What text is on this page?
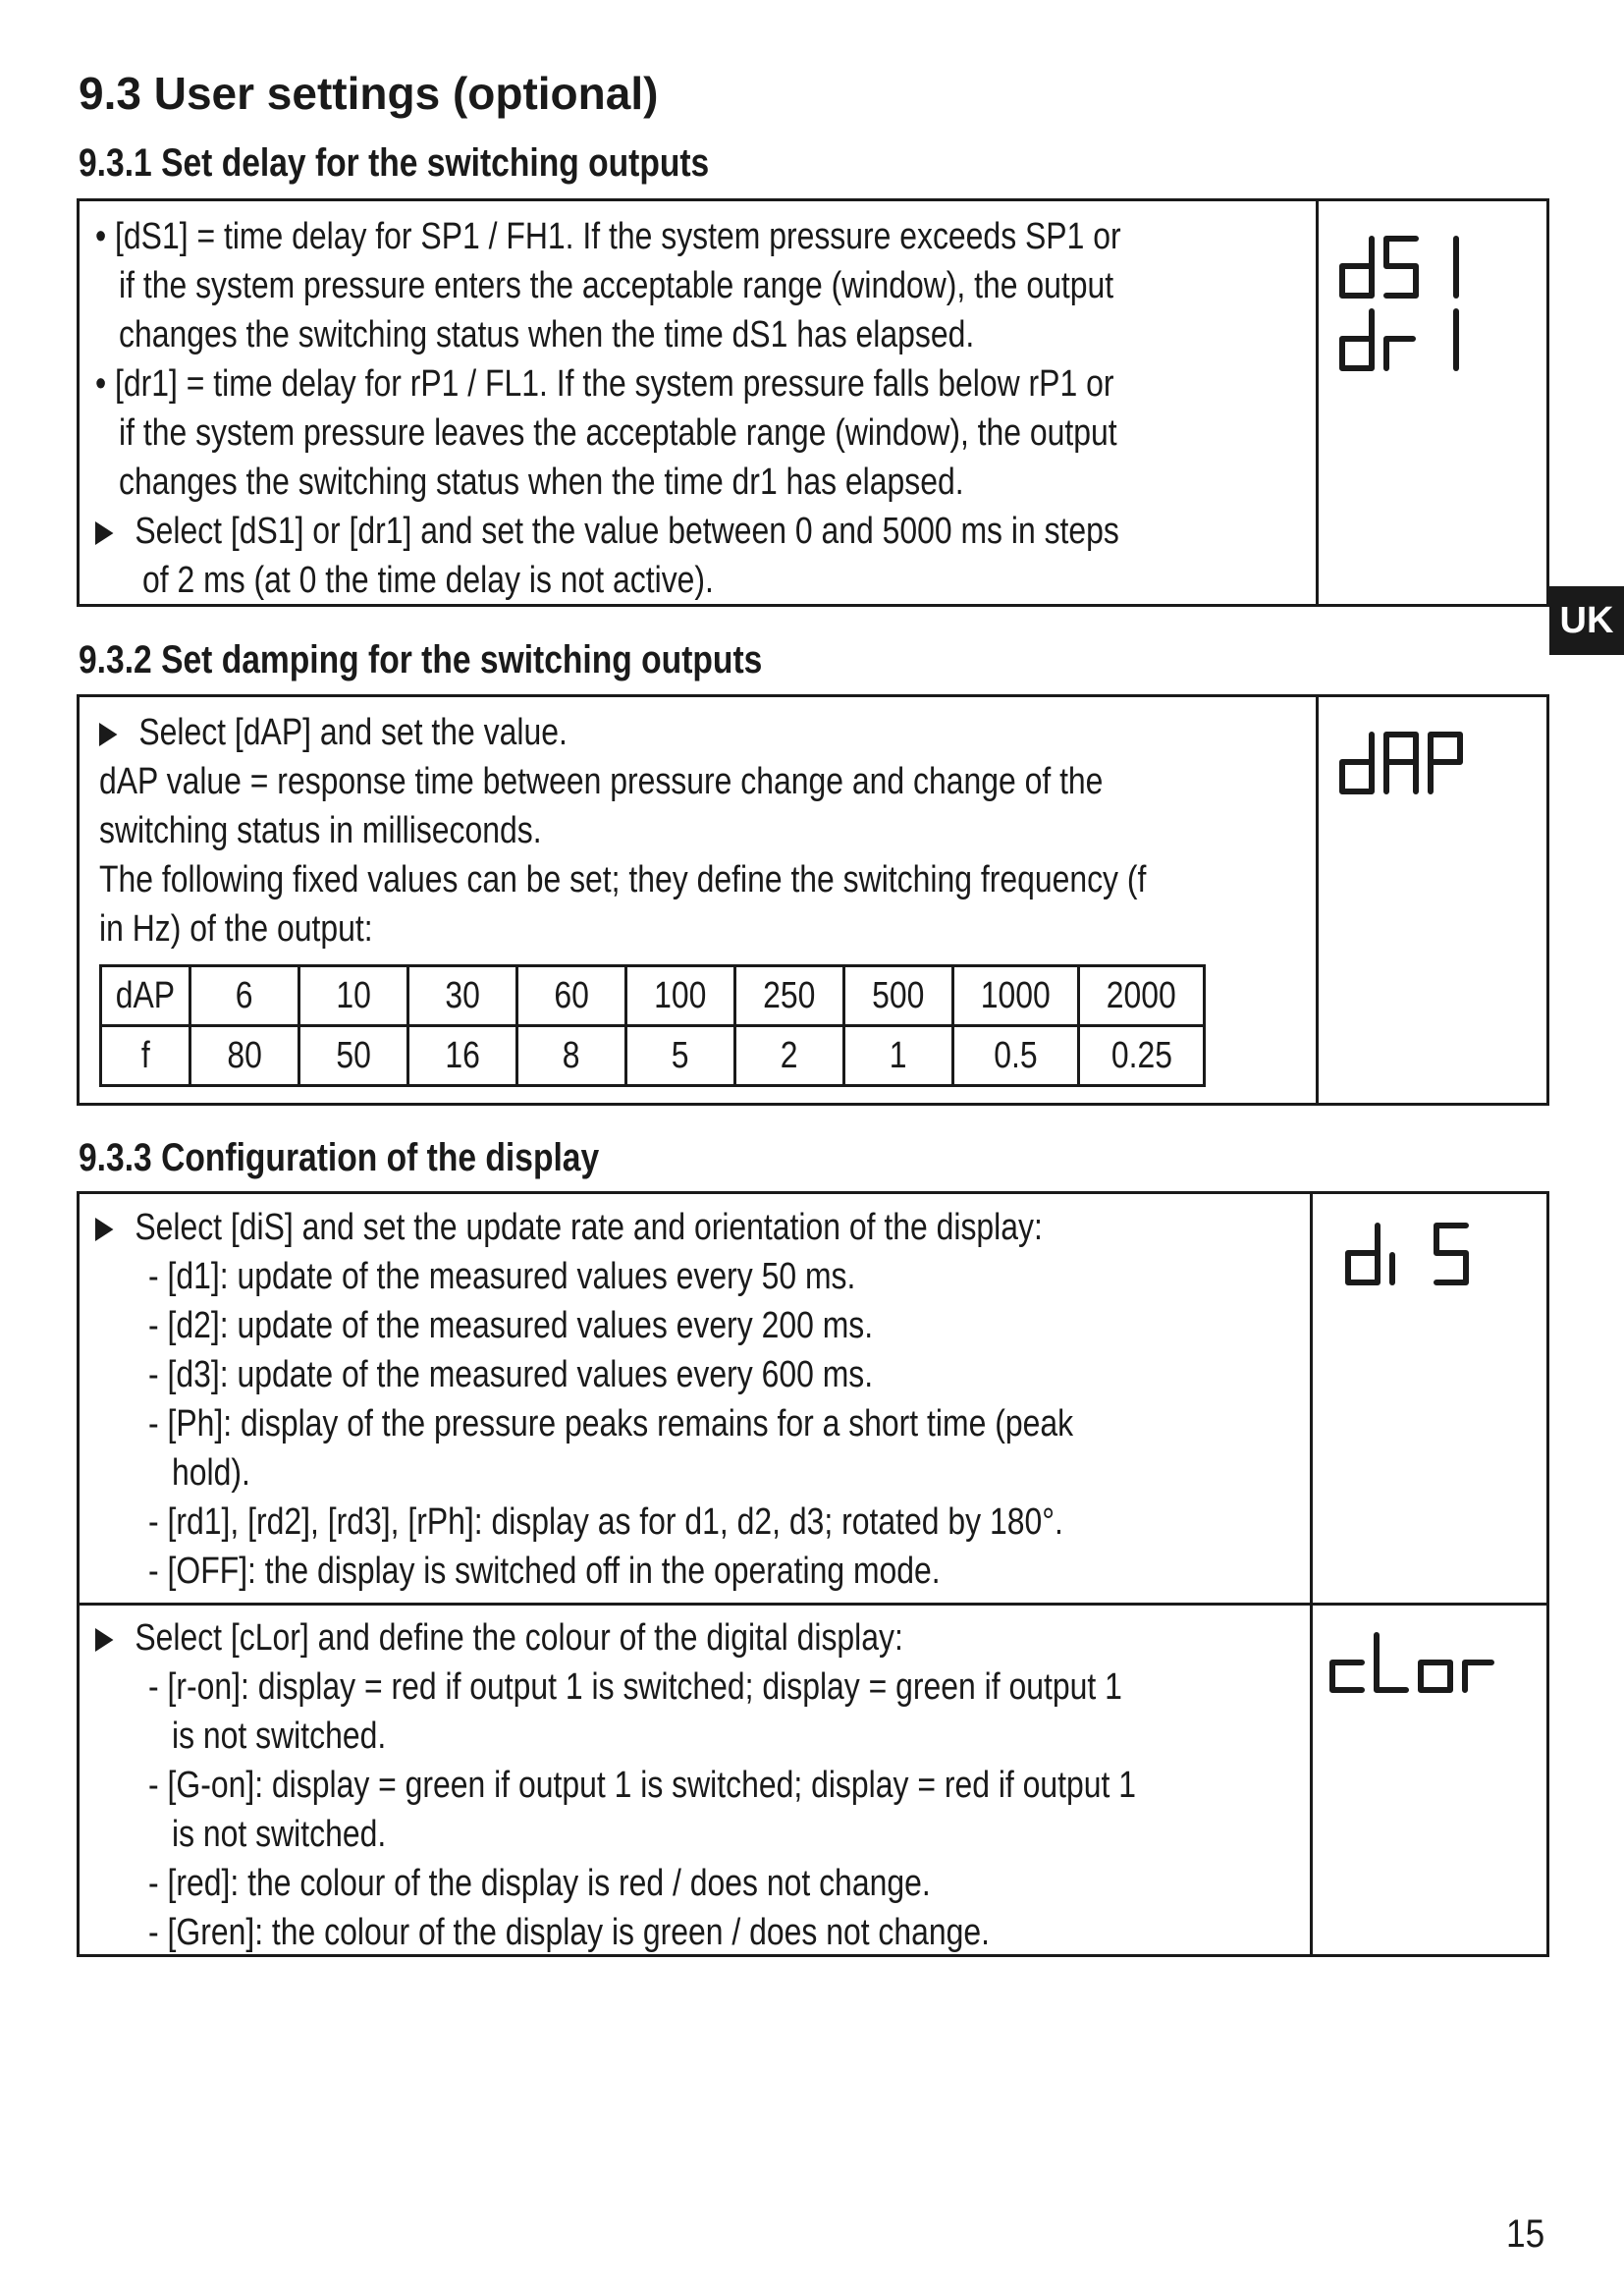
9.3 User settings (optional)
9.3.1 Set delay for the switching outputs
• [dS1] = time delay for SP1 / FH1. If the system pressure exceeds SP1 or
if the system pressure enters the acceptable range (window), the output
changes the switching status when the time dS1 has elapsed.
• [dr1] = time delay for rP1 / FL1. If the system pressure falls below rP1 or
if the system pressure leaves the acceptable range (window), the output
changes the switching status when the time dr1 has elapsed.
Select [dS1] or [dr1] and set the value between 0 and 5000 ms in steps
of 2 ms (at 0 the time delay is not active).
UK
9.3.2 Set damping for the switching outputs
Select [dAP] and set the value.
dAP value = response time between pressure change and change of the
switching status in milliseconds.
The following fixed values can be set; they define the switching frequency (f
in Hz) of the output:
dAP	6	10	30	60	100	250	500	1000	2000
f	80	50	16	8	5	2	1	0.5	0.25
9.3.3 Configuration of the display
Select [diS] and set the update rate and orientation of the display:
- [d1]: update of the measured values every 50 ms.
- [d2]: update of the measured values every 200 ms.
- [d3]: update of the measured values every 600 ms.
- [Ph]: display of the pressure peaks remains for a short time (peak
hold).
- [rd1], [rd2], [rd3], [rPh]: display as for d1, d2, d3; rotated by 180°.
- [OFF]: the display is switched off in the operating mode.
Select [cLor] and define the colour of the digital display:
- [r-on]: display = red if output 1 is switched; display = green if output 1
is not switched.
- [G-on]: display = green if output 1 is switched; display = red if output 1
is not switched.
- [red]: the colour of the display is red / does not change.
- [Gren]: the colour of the display is green / does not change.
15
